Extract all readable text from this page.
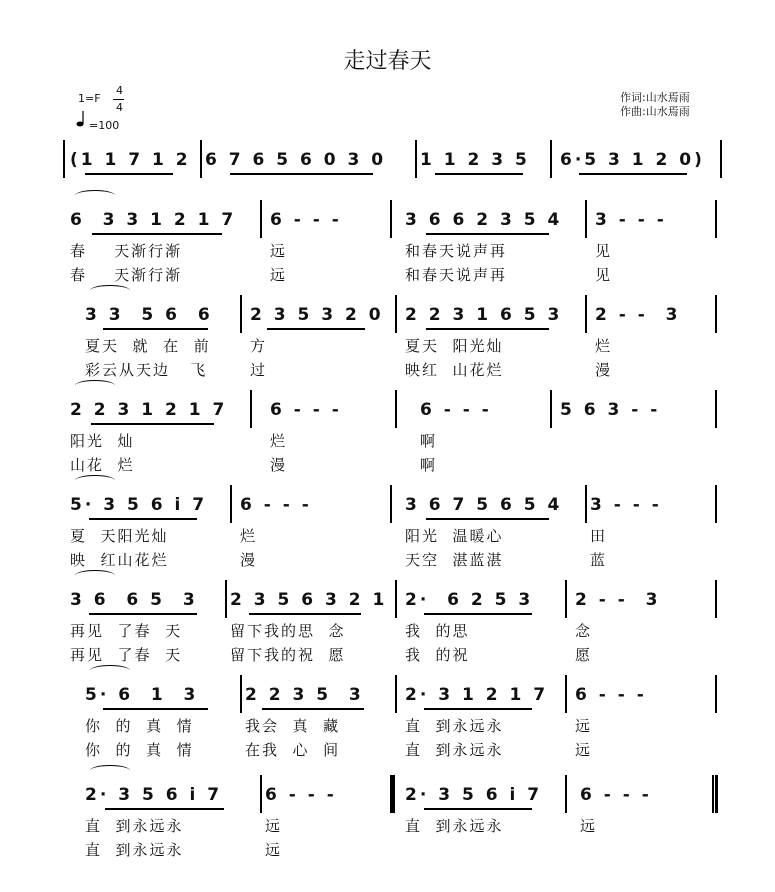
走过春天
1=F
4
4
=100
作词:山水焉雨
作曲:山水焉雨
(1 1 7 1 2 6 7 6 5 6 0 3 0	1 1 2 3 5	6·5 3 1 2 0)
6  3 3 1 2 1 7
春    天渐行渐
春    天渐行渐
6 - - -
远
远
3 6 6 2 3 5 4
和春天说声再
和春天说声再
3 - - -
见
见
3 3  5 6  6
夏天  就  在  前
彩云从天边   飞
2 3 5 3 2 0
方
过
2 2 3 1 6 5 3
夏天  阳光灿
映红  山花烂
2 - -  3
烂
漫
2 2 3 1 2 1 7
阳光  灿
山花  烂
6 - - -
烂
漫
6 - - -
啊
啊
5 6 3 - -
5· 3 5 6 i 7
夏  天阳光灿
映  红山花烂
6 - - -
烂
漫
3 6 7 5 6 5 4
阳光  温暖心
天空  湛蓝湛
3 - - -
田
蓝
3 6  6 5  3
再见  了春  天
再见  了春  天
2 3 5 6 3 2 1
留下我的思  念
留下我的祝  愿
2·  6 2 5 3
我  的思
我  的祝
2 - -  3
念
愿
5· 6  1  3
你  的  真  情
你  的  真  情
2 2 3 5  3
我会  真  藏
在我  心  间
2· 3 1 2 1 7
直  到永远永
直  到永远永
6 - - -
远
远
2· 3 5 6 i 7
直  到永远永
直  到永远永
6 - - -
远
远
2· 3 5 6 i 7
直  到永远永
6 - - -
远
